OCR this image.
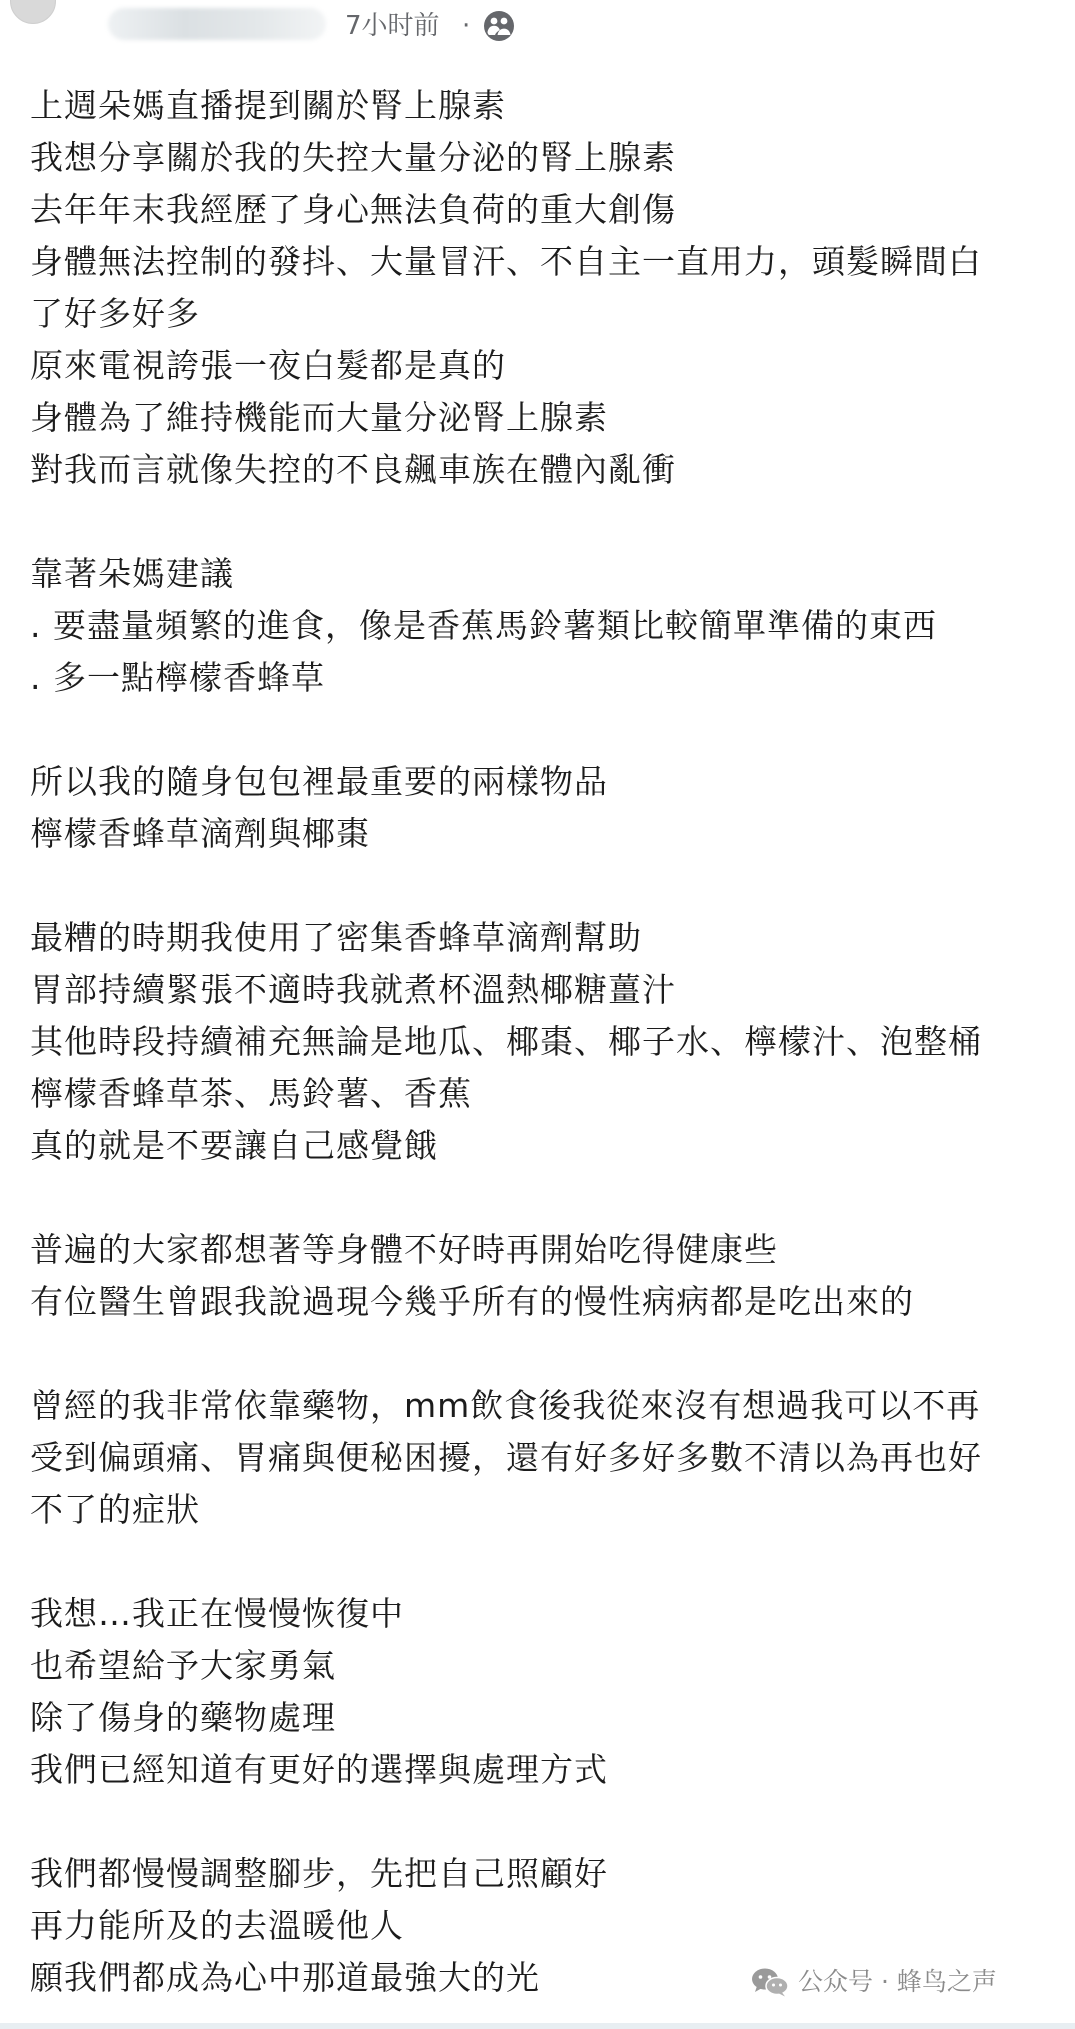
7小时前 ·
上週朵媽直播提到關於腎上腺素
我想分享關於我的失控大量分泌的腎上腺素
去年年末我經歷了身心無法負荷的重大創傷
身體無法控制的發抖、大量冒汗、不自主一直用力，頭髮瞬間白
了好多好多
原來電視誇張一夜白髮都是真的
身體為了維持機能而大量分泌腎上腺素
對我而言就像失控的不良飆車族在體內亂衝
靠著朵媽建議
. 要盡量頻繁的進食，像是香蕉馬鈴薯類比較簡單準備的東西
. 多一點檸檬香蜂草
所以我的隨身包包裡最重要的兩樣物品
檸檬香蜂草滴劑與椰棗
最糟的時期我使用了密集香蜂草滴劑幫助
胃部持續緊張不適時我就煮杯溫熱椰糖薑汁
其他時段持續補充無論是地瓜、椰棗、椰子水、檸檬汁、泡整桶
檸檬香蜂草茶、馬鈴薯、香蕉
真的就是不要讓自己感覺餓
普遍的大家都想著等身體不好時再開始吃得健康些
有位醫生曾跟我說過現今幾乎所有的慢性病病都是吃出來的
曾經的我非常依靠藥物，mm飲食後我從來沒有想過我可以不再
受到偏頭痛、胃痛與便秘困擾，還有好多好多數不清以為再也好
不了的症狀
我想…我正在慢慢恢復中
也希望給予大家勇氣
除了傷身的藥物處理
我們已經知道有更好的選擇與處理方式
我們都慢慢調整腳步，先把自己照顧好
再力能所及的去溫暖他人
願我們都成為心中那道最強大的光	公众号 · 蜂鸟之声
